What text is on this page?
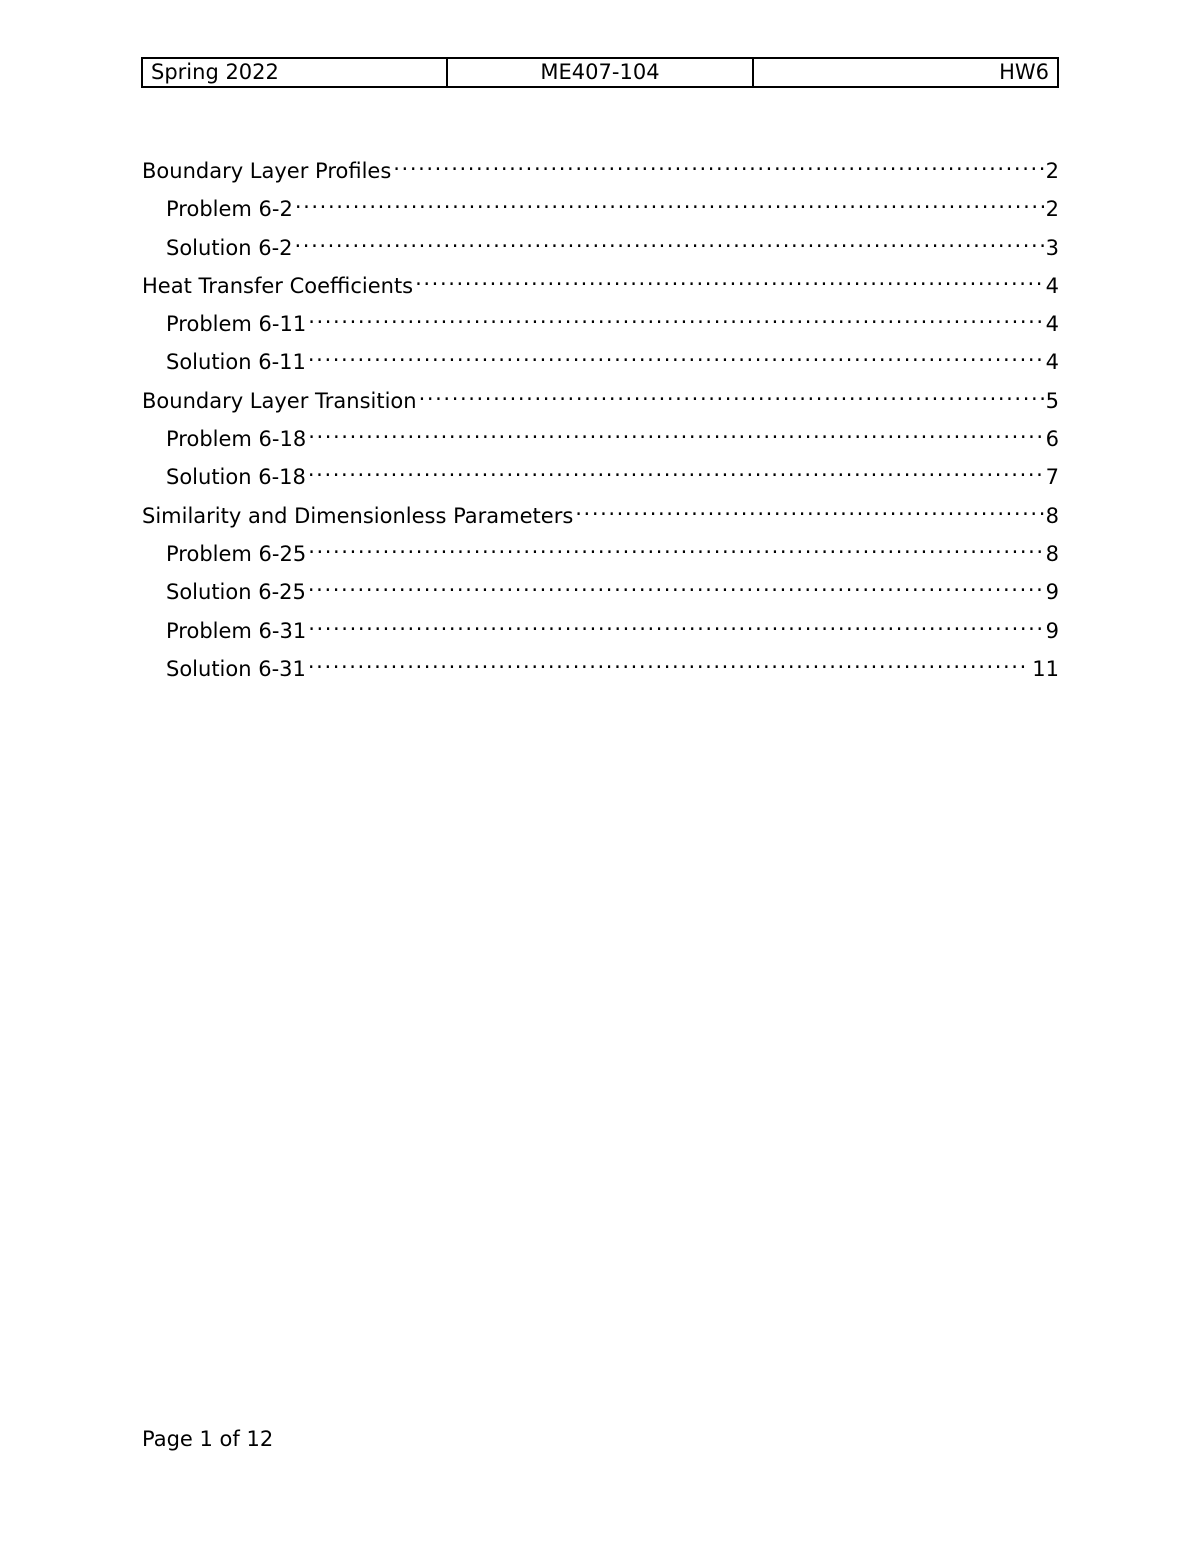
Spring 2022	ME407-104	HW6
Boundary Layer Profiles .....	2
Problem 6-2 .....	2
Solution 6-2 .....	3
Heat Transfer Coefficients .....	4
Problem 6-11 .....	4
Solution 6-11 .....	4
Boundary Layer Transition .....	5
Problem 6-18 .....	6
Solution 6-18 .....	7
Similarity and Dimensionless Parameters .....	8
Problem 6-25 .....	8
Solution 6-25 .....	9
Problem 6-31 .....	9
Solution 6-31 .....	11
Page 1 of 12
